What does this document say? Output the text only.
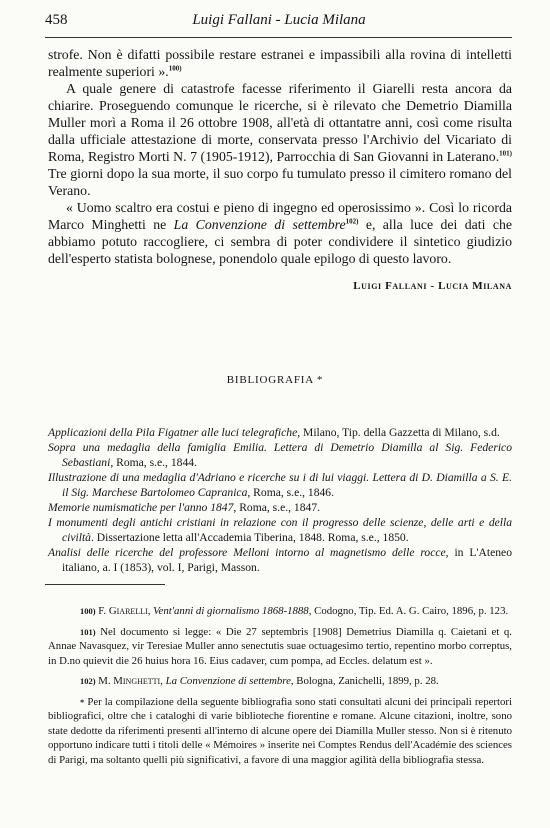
458	Luigi Fallani - Lucia Milana

strofe. Non è difatti possibile restare estranei e impassibili alla rovina di intelletti realmente superiori ».$^{100)}$

A quale genere di catastrofe facesse riferimento il Giarelli resta ancora da chiarire. Proseguendo comunque le ricerche, si è rilevato che Demetrio Diamilla Muller morì a Roma il 26 ottobre 1908, all'età di ottantatre anni, così come risulta dalla ufficiale attestazione di morte, conservata presso l'Archivio del Vicariato di Roma, Registro Morti N. 7 (1905-1912), Parrocchia di San Giovanni in Laterano.$^{101)}$ Tre giorni dopo la sua morte, il suo corpo fu tumulato presso il cimitero romano del Verano.

« Uomo scaltro era costui e pieno di ingegno ed operosissimo ». Così lo ricorda Marco Minghetti ne La Convenzione di settembre$^{102)}$ e, alla luce dei dati che abbiamo potuto raccogliere, ci sembra di poter condividere il sintetico giudizio dell'esperto statista bolognese, ponendolo quale epilogo di questo lavoro.

Luigi Fallani - Lucia Milana
BIBLIOGRAFIA *
Applicazioni della Pila Figatner alle luci telegrafiche, Milano, Tip. della Gazzetta di Milano, s.d.
Sopra una medaglia della famiglia Emilia. Lettera di Demetrio Diamilla al Sig. Federico Sebastiani, Roma, s.e., 1844.
Illustrazione di una medaglia d'Adriano e ricerche su i di lui viaggi. Lettera di D. Diamilla a S. E. il Sig. Marchese Bartolomeo Capranica, Roma, s.e., 1846.
Memorie numismatiche per l'anno 1847, Roma, s.e., 1847.
I monumenti degli antichi cristiani in relazione con il progresso delle scienze, delle arti e della civiltà. Dissertazione letta all'Accademia Tiberina, 1848. Roma, s.e., 1850.
Analisi delle ricerche del professore Melloni intorno al magnetismo delle rocce, in L'Ateneo italiano, a. I (1853), vol. I, Parigi, Masson.
100) F. Giarelli, Vent'anni di giornalismo 1868-1888, Codogno, Tip. Ed. A. G. Cairo, 1896, p. 123.
101) Nel documento si legge: « Die 27 septembris [1908] Demetrius Diamilla q. Caietani et q. Annae Navasquez, vir Teresiae Muller anno senectutis suae octuagesimo tertio, repentino morbo correptus, in D.no quievit die 26 huius hora 16. Eius cadaver, cum pompa, ad Eccles. delatum est ».
102) M. Minghetti, La Convenzione di settembre, Bologna, Zanichelli, 1899, p. 28.
* Per la compilazione della seguente bibliografia sono stati consultati alcuni dei principali repertori bibliografici, oltre che i cataloghi di varie biblioteche fiorentine e romane. Alcune citazioni, inoltre, sono state dedotte da riferimenti presenti all'interno di alcune opere dei Diamilla Muller stesso. Non si è ritenuto opportuno indicare tutti i titoli delle « Mémoires » inserite nei Comptes Rendus dell'Académie des sciences di Parigi, ma soltanto quelli più significativi, a favore di una maggior agilità della bibliografia stessa.
